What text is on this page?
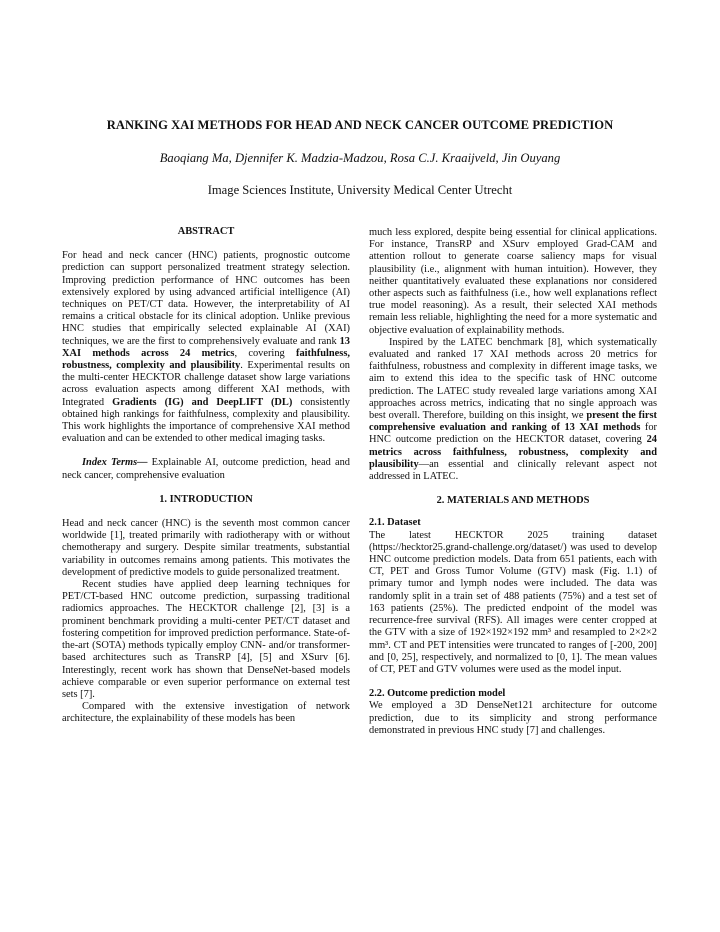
RANKING XAI METHODS FOR HEAD AND NECK CANCER OUTCOME PREDICTION
Baoqiang Ma, Djennifer K. Madzia-Madzou, Rosa C.J. Kraaijveld, Jin Ouyang
Image Sciences Institute, University Medical Center Utrecht
ABSTRACT

For head and neck cancer (HNC) patients, prognostic outcome prediction can support personalized treatment strategy selection. Improving prediction performance of HNC outcomes has been extensively explored by using advanced artificial intelligence (AI) techniques on PET/CT data. However, the interpretability of AI remains a critical obstacle for its clinical adoption. Unlike previous HNC studies that empirically selected explainable AI (XAI) techniques, we are the first to comprehensively evaluate and rank 13 XAI methods across 24 metrics, covering faithfulness, robustness, complexity and plausibility. Experimental results on the multi-center HECKTOR challenge dataset show large variations across evaluation aspects among different XAI methods, with Integrated Gradients (IG) and DeepLIFT (DL) consistently obtained high rankings for faithfulness, complexity and plausibility. This work highlights the importance of comprehensive XAI method evaluation and can be extended to other medical imaging tasks.

Index Terms— Explainable AI, outcome prediction, head and neck cancer, comprehensive evaluation

1. INTRODUCTION

Head and neck cancer (HNC) is the seventh most common cancer worldwide [1], treated primarily with radiotherapy with or without chemotherapy and surgery. Despite similar treatments, substantial variability in outcomes remains among patients. This motivates the development of predictive models to guide personalized treatment.

Recent studies have applied deep learning techniques for PET/CT-based HNC outcome prediction, surpassing traditional radiomics approaches. The HECKTOR challenge [2], [3] is a prominent benchmark providing a multi-center PET/CT dataset and fostering competition for improved prediction performance. State-of-the-art (SOTA) methods typically employ CNN- and/or transformer-based architectures such as TransRP [4], [5] and XSurv [6]. Interestingly, recent work has shown that DenseNet-based models achieve comparable or even superior performance on external test sets [7].

Compared with the extensive investigation of network architecture, the explainability of these models has been

much less explored, despite being essential for clinical applications. For instance, TransRP and XSurv employed Grad-CAM and attention rollout to generate coarse saliency maps for visual plausibility (i.e., alignment with human intuition). However, they neither quantitatively evaluated these explanations nor considered other aspects such as faithfulness (i.e., how well explanations reflect true model reasoning). As a result, their selected XAI methods remain less reliable, highlighting the need for a more systematic and objective evaluation of explainability methods.

Inspired by the LATEC benchmark [8], which systematically evaluated and ranked 17 XAI methods across 20 metrics for faithfulness, robustness and complexity in different image tasks, we aim to extend this idea to the specific task of HNC outcome prediction. The LATEC study revealed large variations among XAI approaches across metrics, indicating that no single approach was best overall. Therefore, building on this insight, we present the first comprehensive evaluation and ranking of 13 XAI methods for HNC outcome prediction on the HECKTOR dataset, covering 24 metrics across faithfulness, robustness, complexity and plausibility—an essential and clinically relevant aspect not addressed in LATEC.

2. MATERIALS AND METHODS
2.1. Dataset

The latest HECKTOR 2025 training dataset (https://hecktor25.grand-challenge.org/dataset/) was used to develop HNC outcome prediction models. Data from 651 patients, each with CT, PET and Gross Tumor Volume (GTV) mask (Fig. 1.1) of primary tumor and lymph nodes were included. The data was randomly split in a train set of 488 patients (75%) and a test set of 163 patients (25%). The predicted endpoint of the model was recurrence-free survival (RFS). All images were center cropped at the GTV with a size of 192×192×192 mm³ and resampled to 2×2×2 mm³. CT and PET intensities were truncated to ranges of [-200, 200] and [0, 25], respectively, and normalized to [0, 1]. The mean values of CT, PET and GTV volumes were used as the model input.

2.2. Outcome prediction model

We employed a 3D DenseNet121 architecture for outcome prediction, due to its simplicity and strong performance demonstrated in previous HNC study [7] and challenges.
